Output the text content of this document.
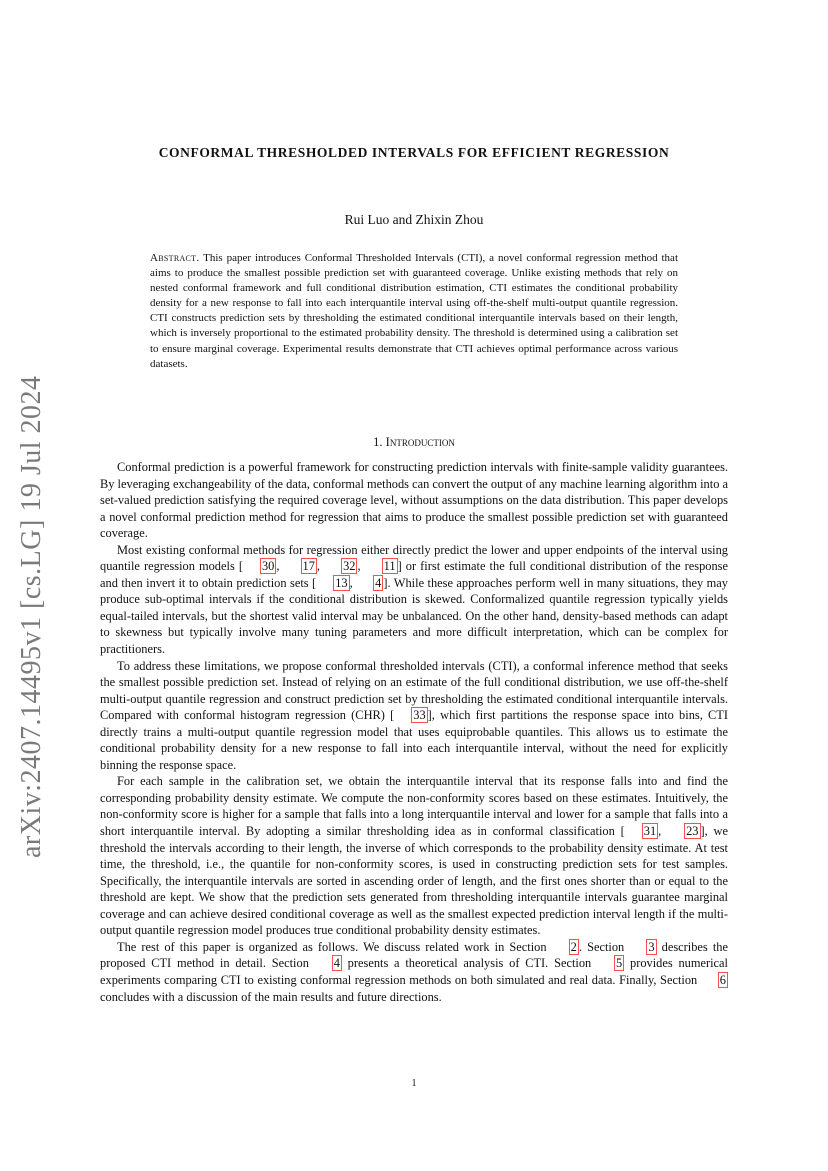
arXiv:2407.14495v1 [cs.LG] 19 Jul 2024
CONFORMAL THRESHOLDED INTERVALS FOR EFFICIENT REGRESSION
Rui Luo and Zhixin Zhou
Abstract. This paper introduces Conformal Thresholded Intervals (CTI), a novel conformal regression method that aims to produce the smallest possible prediction set with guaranteed coverage. Unlike existing methods that rely on nested conformal framework and full conditional distribution estimation, CTI estimates the conditional probability density for a new response to fall into each interquantile interval using off-the-shelf multi-output quantile regression. CTI constructs prediction sets by thresholding the estimated conditional interquantile intervals based on their length, which is inversely proportional to the estimated probability density. The threshold is determined using a calibration set to ensure marginal coverage. Experimental results demonstrate that CTI achieves optimal performance across various datasets.
1. Introduction

Conformal prediction is a powerful framework for constructing prediction intervals with finite-sample validity guarantees. By leveraging exchangeability of the data, conformal methods can convert the output of any machine learning algorithm into a set-valued prediction satisfying the required coverage level, without assumptions on the data distribution. This paper develops a novel conformal prediction method for regression that aims to produce the smallest possible prediction set with guaranteed coverage.

Most existing conformal methods for regression either directly predict the lower and upper endpoints of the interval using quantile regression models [ 30 , 17 , 32 , 11 ] or first estimate the full conditional distribution of the response and then invert it to obtain prediction sets [ 13 , 4 ]. While these approaches perform well in many situations, they may produce sub-optimal intervals if the conditional distribution is skewed. Conformalized quantile regression typically yields equal-tailed intervals, but the shortest valid interval may be unbalanced. On the other hand, density-based methods can adapt to skewness but typically involve many tuning parameters and more difficult interpretation, which can be complex for practitioners.

To address these limitations, we propose conformal thresholded intervals (CTI), a conformal inference method that seeks the smallest possible prediction set. Instead of relying on an estimate of the full conditional distribution, we use off-the-shelf multi-output quantile regression and construct prediction set by thresholding the estimated conditional interquantile intervals. Compared with conformal histogram regression (CHR) [ 33 ], which first partitions the response space into bins, CTI directly trains a multi-output quantile regression model that uses equiprobable quantiles. This allows us to estimate the conditional probability density for a new response to fall into each interquantile interval, without the need for explicitly binning the response space.

For each sample in the calibration set, we obtain the interquantile interval that its response falls into and find the corresponding probability density estimate. We compute the non-conformity scores based on these estimates. Intuitively, the non-conformity score is higher for a sample that falls into a long interquantile interval and lower for a sample that falls into a short interquantile interval. By adopting a similar thresholding idea as in conformal classification [ 31 , 23 ], we threshold the intervals according to their length, the inverse of which corresponds to the probability density estimate. At test time, the threshold, i.e., the quantile for non-conformity scores, is used in constructing prediction sets for test samples. Specifically, the interquantile intervals are sorted in ascending order of length, and the first ones shorter than or equal to the threshold are kept. We show that the prediction sets generated from thresholding interquantile intervals guarantee marginal coverage and can achieve desired conditional coverage as well as the smallest expected prediction interval length if the multi-output quantile regression model produces true conditional probability density estimates.

The rest of this paper is organized as follows. We discuss related work in Section 2 . Section 3 describes the proposed CTI method in detail. Section 4 presents a theoretical analysis of CTI. Section 5 provides numerical experiments comparing CTI to existing conformal regression methods on both simulated and real data. Finally, Section 6 concludes with a discussion of the main results and future directions.

1
